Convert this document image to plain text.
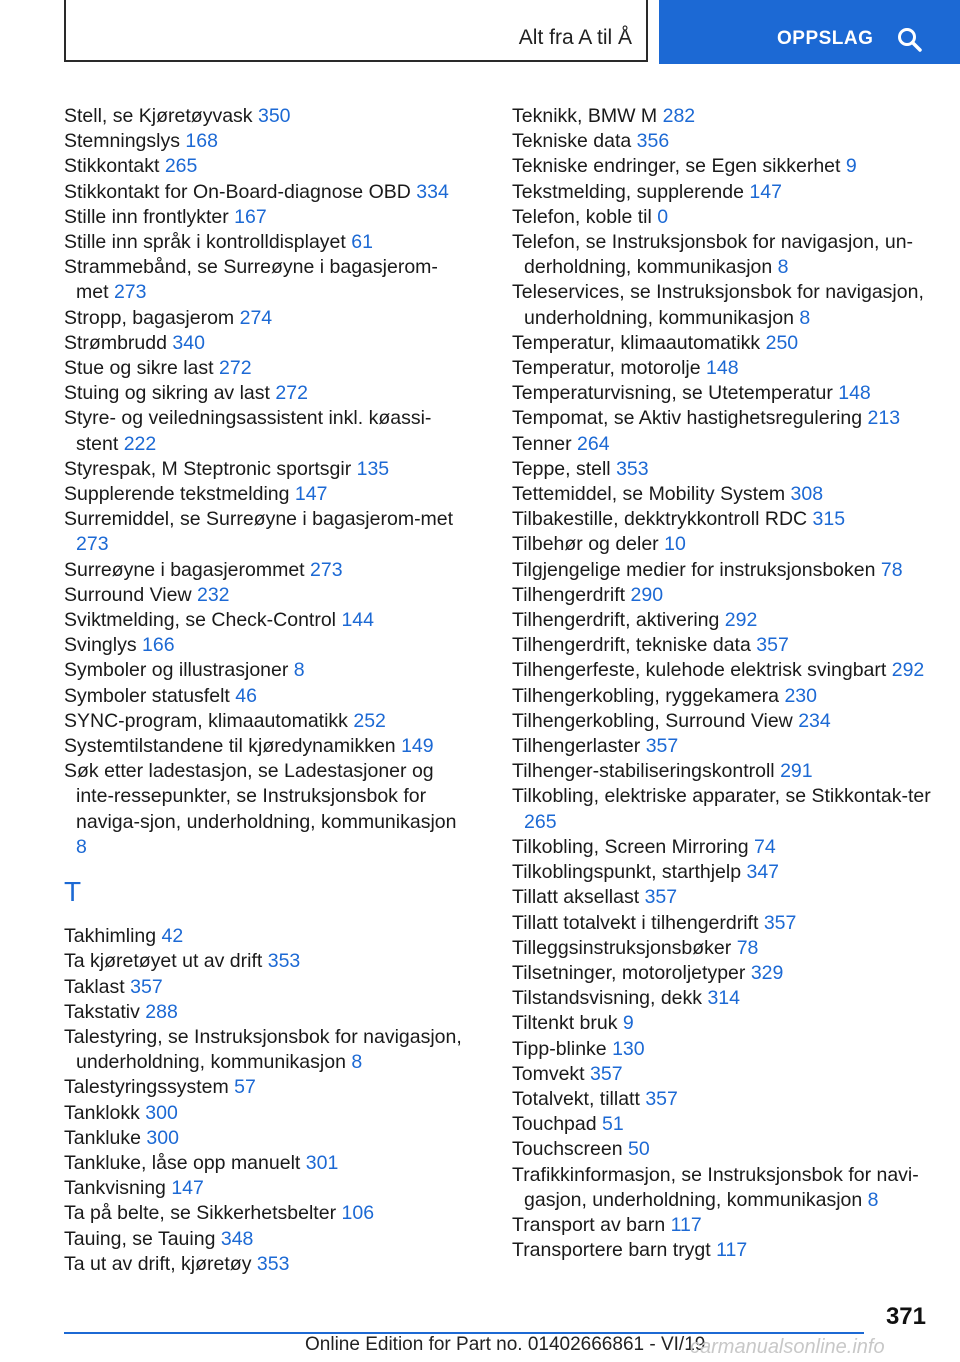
Alt fra A til Å	OPPSLAG
Stell, se Kjøretøyvask 350
Stemningslys 168
Stikkontakt 265
Stikkontakt for On-Board-diagnose OBD 334
Stille inn frontlykter 167
Stille inn språk i kontrolldisplayet 61
Strammebånd, se Surreøyne i bagasjerom-met 273
Stropp, bagasjerom 274
Strømbrudd 340
Stue og sikre last 272
Stuing og sikring av last 272
Styre- og veiledningsassistent inkl. køassi-stent 222
Styrespak, M Steptronic sportsgir 135
Supplerende tekstmelding 147
Surremiddel, se Surreøyne i bagasjerom-met 273
Surreøyne i bagasjerommet 273
Surround View 232
Sviktmelding, se Check-Control 144
Svinglys 166
Symboler og illustrasjoner 8
Symboler statusfelt 46
SYNC-program, klimaautomatikk 252
Systemtilstandene til kjøredynamikken 149
Søk etter ladestasjon, se Ladestasjoner og inte-ressepunkter, se Instruksjonsbok for naviga-sjon, underholdning, kommunikasjon 8
T
Takhimling 42
Ta kjøretøyet ut av drift 353
Taklast 357
Takstativ 288
Talestyring, se Instruksjonsbok for navigasjon, underholdning, kommunikasjon 8
Talestyringssystem 57
Tanklokk 300
Tankluke 300
Tankluke, låse opp manuelt 301
Tankvisning 147
Ta på belte, se Sikkerhetsbelter 106
Tauing, se Tauing 348
Ta ut av drift, kjøretøy 353
Teknikk, BMW M 282
Tekniske data 356
Tekniske endringer, se Egen sikkerhet 9
Tekstmelding, supplerende 147
Telefon, koble til 0
Telefon, se Instruksjonsbok for navigasjon, un-derholdning, kommunikasjon 8
Teleservices, se Instruksjonsbok for navigasjon, underholdning, kommunikasjon 8
Temperatur, klimaautomatikk 250
Temperatur, motorolje 148
Temperaturvisning, se Utetemperatur 148
Tempomat, se Aktiv hastighetsregulering 213
Tenner 264
Teppe, stell 353
Tettemiddel, se Mobility System 308
Tilbakestille, dekktrykkontroll RDC 315
Tilbehør og deler 10
Tilgjengelige medier for instruksjonsboken 78
Tilhengerdrift 290
Tilhengerdrift, aktivering 292
Tilhengerdrift, tekniske data 357
Tilhengerfeste, kulehode elektrisk svingbart 292
Tilhengerkobling, ryggekamera 230
Tilhengerkobling, Surround View 234
Tilhengerlaster 357
Tilhenger-stabiliseringskontroll 291
Tilkobling, elektriske apparater, se Stikkontak-ter 265
Tilkobling, Screen Mirroring 74
Tilkoblingspunkt, starthjelp 347
Tillatt aksellast 357
Tillatt totalvekt i tilhengerdrift 357
Tilleggsinstruksjonsbøker 78
Tilsetninger, motoroljetyper 329
Tilstandsvisning, dekk 314
Tiltenkt bruk 9
Tipp-blinke 130
Tomvekt 357
Totalvekt, tillatt 357
Touchpad 51
Touchscreen 50
Trafikkinformasjon, se Instruksjonsbok for navi-gasjon, underholdning, kommunikasjon 8
Transport av barn 117
Transportere barn trygt 117
371
Online Edition for Part no. 01402666861 - VI/19
carmanualsonline.info
